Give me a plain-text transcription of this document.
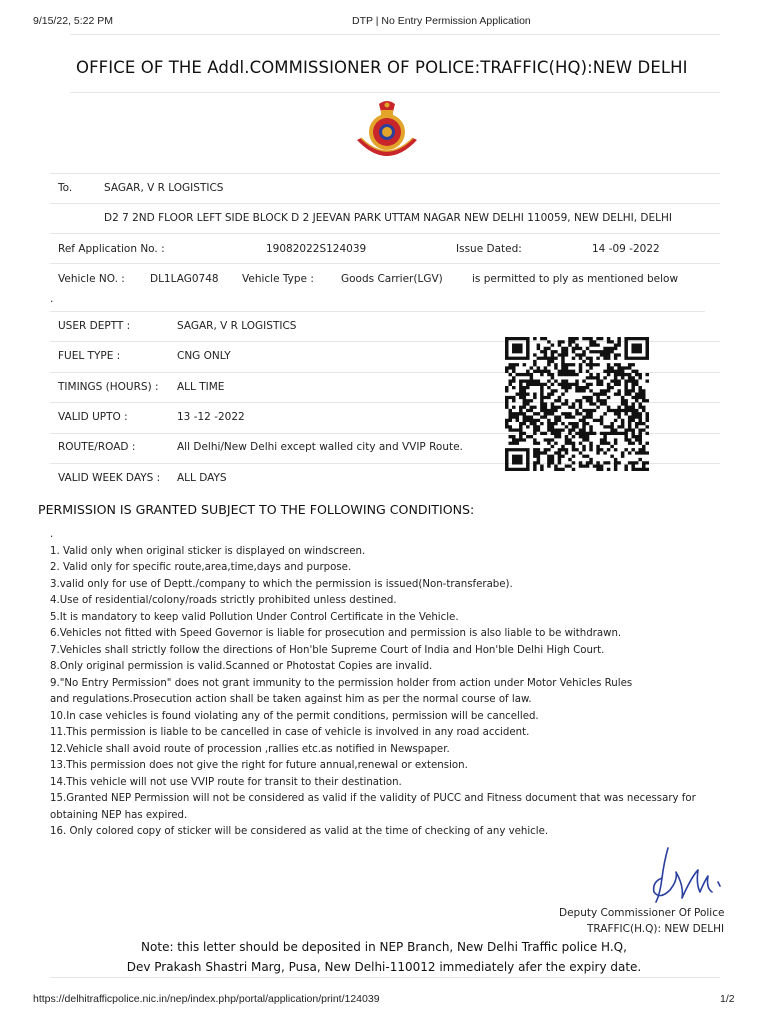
9/15/22, 5:22 PM	DTP | No Entry Permission Application
OFFICE OF THE Addl.COMMISSIONER OF POLICE:TRAFFIC(HQ):NEW DELHI
To.	SAGAR, V R LOGISTICS
D2 7 2ND FLOOR LEFT SIDE BLOCK D 2 JEEVAN PARK UTTAM NAGAR NEW DELHI 110059, NEW DELHI, DELHI
Ref Application No. :	19082022S124039	Issue Dated:	14 -09 -2022
Vehicle NO. : DL1LAG0748 Vehicle Type :	Goods Carrier(LGV)	is permitted to ply as mentioned below
.
USER DEPTT :	SAGAR, V R LOGISTICS
FUEL TYPE :	CNG ONLY
TIMINGS (HOURS) : ALL TIME
VALID UPTO :	13 -12 -2022
ROUTE/ROAD :	All Delhi/New Delhi except walled city and VVIP Route.
VALID WEEK DAYS : ALL DAYS
PERMISSION IS GRANTED SUBJECT TO THE FOLLOWING CONDITIONS:
.
1. Valid only when original sticker is displayed on windscreen.
2. Valid only for specific route,area,time,days and purpose.
3.valid only for use of Deptt./company to which the permission is issued(Non-transferabe).
4.Use of residential/colony/roads strictly prohibited unless destined.
5.It is mandatory to keep valid Pollution Under Control Certificate in the Vehicle.
6.Vehicles not fitted with Speed Governor is liable for prosecution and permission is also liable to be withdrawn.
7.Vehicles shall strictly follow the directions of Hon'ble Supreme Court of India and Hon'ble Delhi High Court.
8.Only original permission is valid.Scanned or Photostat Copies are invalid.
9."No Entry Permission" does not grant immunity to the permission holder from action under Motor Vehicles Rules
and regulations.Prosecution action shall be taken against him as per the normal course of law.
10.In case vehicles is found violating any of the permit conditions, permission will be cancelled.
11.This permission is liable to be cancelled in case of vehicle is involved in any road accident.
12.Vehicle shall avoid route of procession ,rallies etc.as notified in Newspaper.
13.This permission does not give the right for future annual,renewal or extension.
14.This vehicle will not use VVIP route for transit to their destination.
15.Granted NEP Permission will not be considered as valid if the validity of PUCC and Fitness document that was necessary for
obtaining NEP has expired.
16. Only colored copy of sticker will be considered as valid at the time of checking of any vehicle.
Deputy Commissioner Of Police
TRAFFIC(H.Q): NEW DELHI
Note: this letter should be deposited in NEP Branch, New Delhi Traffic police H.Q,
Dev Prakash Shastri Marg, Pusa, New Delhi-110012 immediately afer the expiry date.
https://delhitrafficpolice.nic.in/nep/index.php/portal/application/print/124039	1/2
